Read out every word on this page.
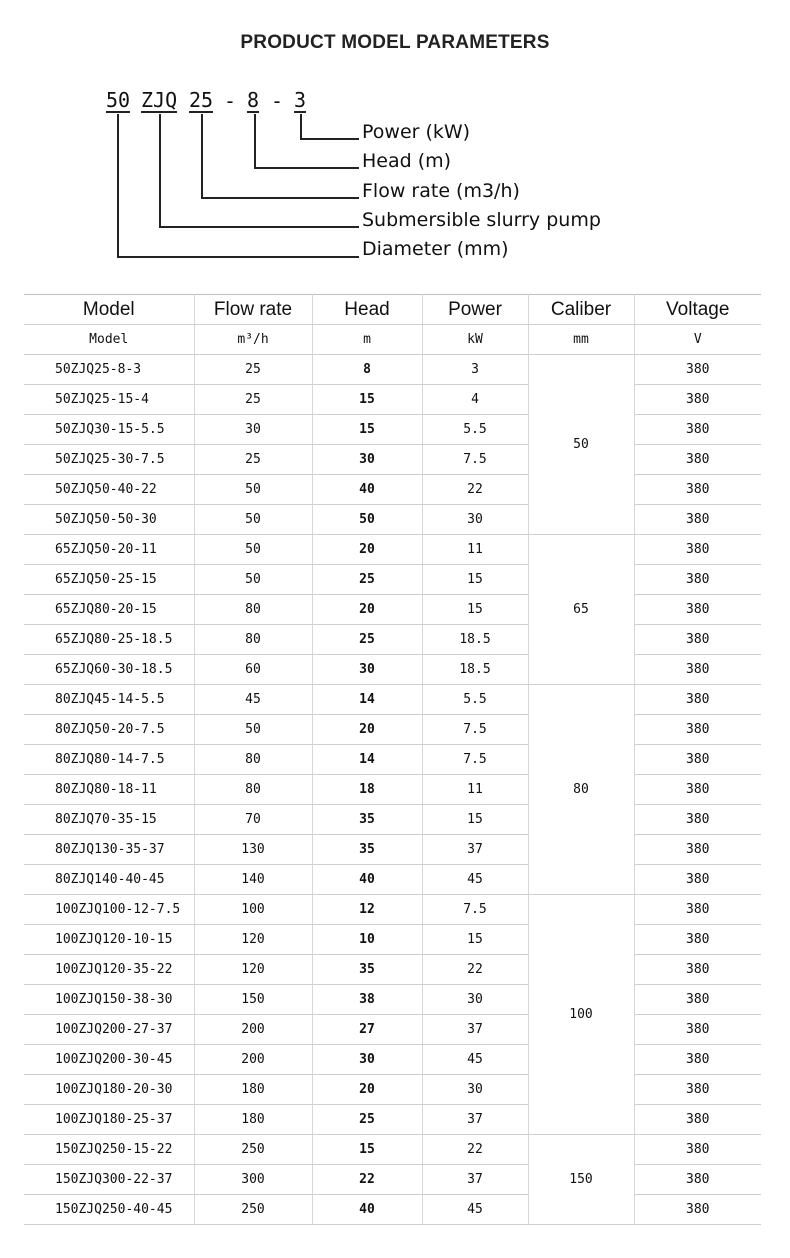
PRODUCT MODEL PARAMETERS
50 ZJQ 25 - 8 - 3
Power (kW)
Head (m)
Flow rate (m3/h)
Submersible slurry pump
Diameter (mm)
Model	Flow rate	Head	Power	Caliber	Voltage
Model	m³/h	m	kW	mm	V
50ZJQ25-8-3	25	8	3	50	380
50ZJQ25-15-4	25	15	4		380
50ZJQ30-15-5.5	30	15	5.5		380
50ZJQ25-30-7.5	25	30	7.5		380
50ZJQ50-40-22	50	40	22		380
50ZJQ50-50-30	50	50	30		380
65ZJQ50-20-11	50	20	11	65	380
65ZJQ50-25-15	50	25	15		380
65ZJQ80-20-15	80	20	15		380
65ZJQ80-25-18.5	80	25	18.5		380
65ZJQ60-30-18.5	60	30	18.5		380
80ZJQ45-14-5.5	45	14	5.5	80	380
80ZJQ50-20-7.5	50	20	7.5		380
80ZJQ80-14-7.5	80	14	7.5		380
80ZJQ80-18-11	80	18	11		380
80ZJQ70-35-15	70	35	15		380
80ZJQ130-35-37	130	35	37		380
80ZJQ140-40-45	140	40	45		380
100ZJQ100-12-7.5	100	12	7.5	100	380
100ZJQ120-10-15	120	10	15		380
100ZJQ120-35-22	120	35	22		380
100ZJQ150-38-30	150	38	30		380
100ZJQ200-27-37	200	27	37		380
100ZJQ200-30-45	200	30	45		380
100ZJQ180-20-30	180	20	30		380
100ZJQ180-25-37	180	25	37		380
150ZJQ250-15-22	250	15	22	150	380
150ZJQ300-22-37	300	22	37		380
150ZJQ250-40-45	250	40	45		380
